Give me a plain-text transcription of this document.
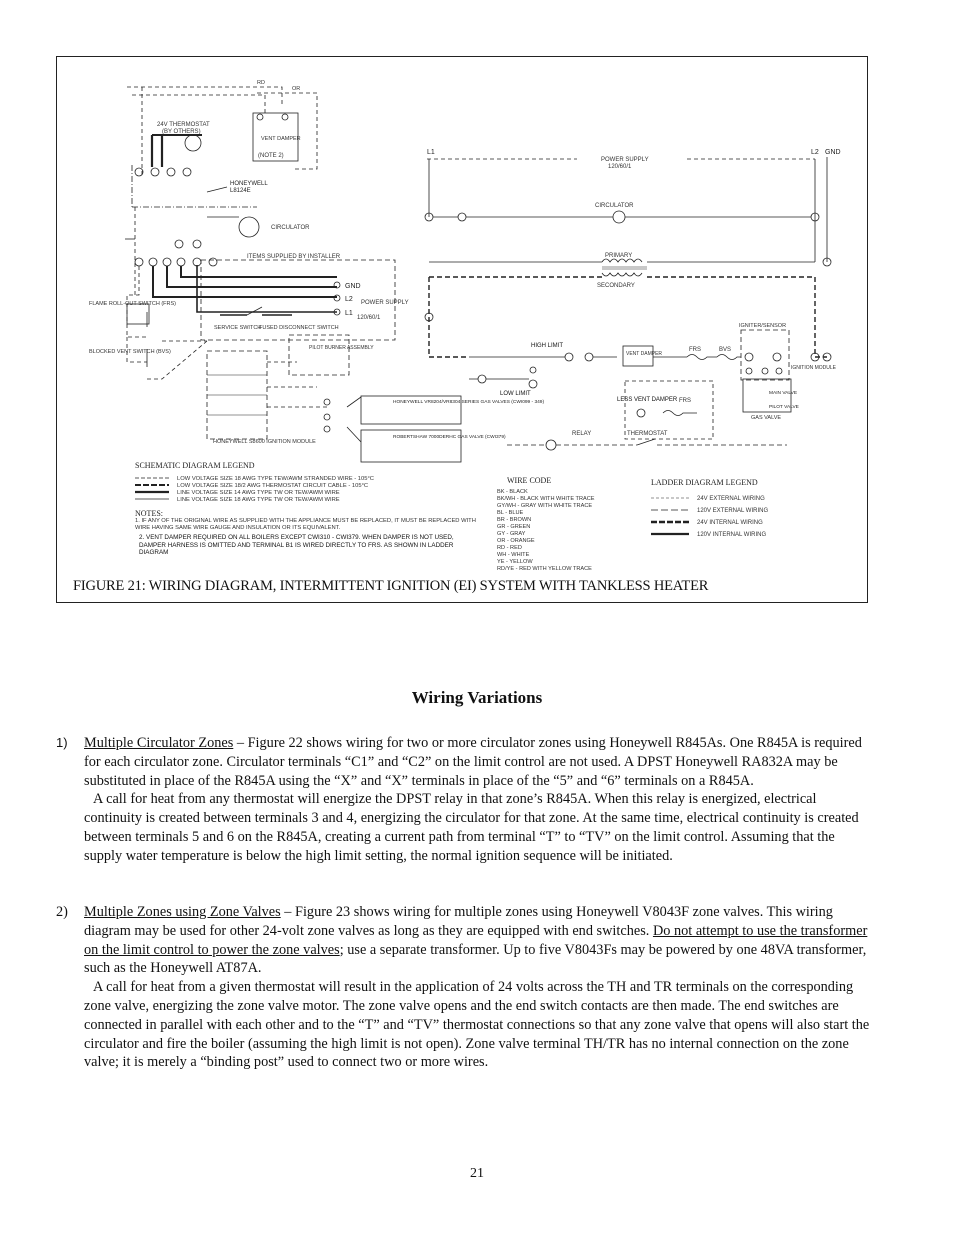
24V THERMOSTAT
(BY OTHERS)
VENT DAMPER
(NOTE 2)
RD
OR
HONEYWELL
L8124E
CIRCULATOR
ITEMS SUPPLIED BY INSTALLER
GND
L2
L1
POWER SUPPLY
120/60/1
SERVICE SWITCH
FUSED DISCONNECT SWITCH
FLAME ROLL-OUT SWITCH (FRS)
BLOCKED VENT SWITCH (BVS)
PILOT BURNER ASSEMBLY
HONEYWELL S8600 IGNITION MODULE
HONEYWELL VR8204/VR8304 SERIES GAS VALVES (CWI099 - 349)
ROBERTSHAW 7000DERHC GAS VALVE (CWI379)
L1	L2 GND
POWER SUPPLY
120/60/1
CIRCULATOR
PRIMARY
SECONDARY
HIGH LIMIT
VENT DAMPER
FRS	BVS
IGNITER/SENSOR
IGNITION MODULE
MAIN VALVE
PILOT VALVE
GAS VALVE
LOW LIMIT
LESS VENT DAMPER FRS
RELAY	THERMOSTAT
SCHEMATIC DIAGRAM LEGEND
LOW VOLTAGE SIZE 18 AWG TYPE TEW/AWM STRANDED WIRE - 105°C
LOW VOLTAGE SIZE 18/2 AWG THERMOSTAT CIRCUIT CABLE - 105°C
LINE VOLTAGE SIZE 14 AWG TYPE TW OR TEW/AWM WIRE
LINE VOLTAGE SIZE 18 AWG TYPE TW OR TEW/AWM WIRE
NOTES:
1. IF ANY OF THE ORIGINAL WIRE AS SUPPLIED WITH THE APPLIANCE MUST BE REPLACED, IT MUST BE REPLACED WITH WIRE HAVING SAME WIRE GAUGE AND INSULATION OR ITS EQUIVALENT.
2. VENT DAMPER REQUIRED ON ALL BOILERS EXCEPT CWI310 - CWI379. WHEN DAMPER IS NOT USED, DAMPER HARNESS IS OMITTED AND TERMINAL B1 IS WIRED DIRECTLY TO FRS. AS SHOWN IN LADDER DIAGRAM
WIRE CODE
BK - BLACK
BK/WH - BLACK WITH WHITE TRACE
GY/WH - GRAY WITH WHITE TRACE
BL - BLUE
BR - BROWN
GR - GREEN
GY - GRAY
OR - ORANGE
RD - RED
WH - WHITE
YE - YELLOW
RD/YE - RED WITH YELLOW TRACE
LADDER DIAGRAM LEGEND
24V EXTERNAL WIRING
120V EXTERNAL WIRING
24V INTERNAL WIRING
120V INTERNAL WIRING
FIGURE 21: WIRING DIAGRAM, INTERMITTENT IGNITION (EI) SYSTEM WITH TANKLESS HEATER
Wiring Variations
1) Multiple Circulator Zones – Figure 22 shows wiring for two or more circulator zones using Honeywell R845As. One R845A is required for each circulator zone. Circulator terminals “C1” and “C2” on the limit control are not used. A DPST Honeywell RA832A may be substituted in place of the R845A using the “X” and “X” terminals in place of the “5” and “6” terminals on a R845A.

A call for heat from any thermostat will energize the DPST relay in that zone’s R845A. When this relay is energized, electrical continuity is created between terminals 3 and 4, energizing the circulator for that zone. At the same time, electrical continuity is created between terminals 5 and 6 on the R845A, creating a current path from terminal “T” to “TV” on the limit control. Assuming that the supply water temperature is below the high limit setting, the normal ignition sequence will be initiated.

2) Multiple Zones using Zone Valves – Figure 23 shows wiring for multiple zones using Honeywell V8043F zone valves. This wiring diagram may be used for other 24-volt zone valves as long as they are equipped with end switches. Do not attempt to use the transformer on the limit control to power the zone valves; use a separate transformer. Up to five V8043Fs may be powered by one 48VA transformer, such as the Honeywell AT87A.

A call for heat from a given thermostat will result in the application of 24 volts across the TH and TR terminals on the corresponding zone valve, energizing the zone valve motor. The zone valve opens and the end switch contacts are then made. The end switches are connected in parallel with each other and to the “T” and “TV” thermostat connections so that any zone valve that opens will also start the circulator and fire the boiler (assuming the high limit is not open). Zone valve terminal TH/TR has no internal connection on the zone valve; it is merely a “binding post” used to connect two or more wires.

21
